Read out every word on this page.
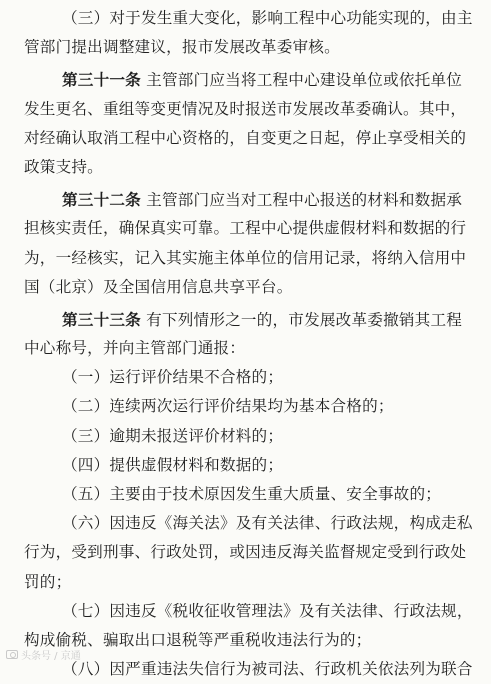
（三）对于发生重大变化，影响工程中心功能实现的，由主
管部门提出调整建议，报市发展改革委审核。
第三十一条 主管部门应当将工程中心建设单位或依托单位
发生更名、重组等变更情况及时报送市发展改革委确认。其中，
对经确认取消工程中心资格的，自变更之日起，停止享受相关的
政策支持。
第三十二条 主管部门应当对工程中心报送的材料和数据承
担核实责任，确保真实可靠。工程中心提供虚假材料和数据的行
为，一经核实，记入其实施主体单位的信用记录，将纳入信用中
国（北京）及全国信用信息共享平台。
第三十三条 有下列情形之一的，市发展改革委撤销其工程
中心称号，并向主管部门通报：
（一）运行评价结果不合格的；
（二）连续两次运行评价结果均为基本合格的；
（三）逾期未报送评价材料的；
（四）提供虚假材料和数据的；
（五）主要由于技术原因发生重大质量、安全事故的；
（六）因违反《海关法》及有关法律、行政法规，构成走私
行为，受到刑事、行政处罚，或因违反海关监督规定受到行政处
罚的；
（七）因违反《税收征收管理法》及有关法律、行政法规，
构成偷税、骗取出口退税等严重税收违法行为的；
（八）因严重违法失信行为被司法、行政机关依法列为联合
头条号 / 京通
